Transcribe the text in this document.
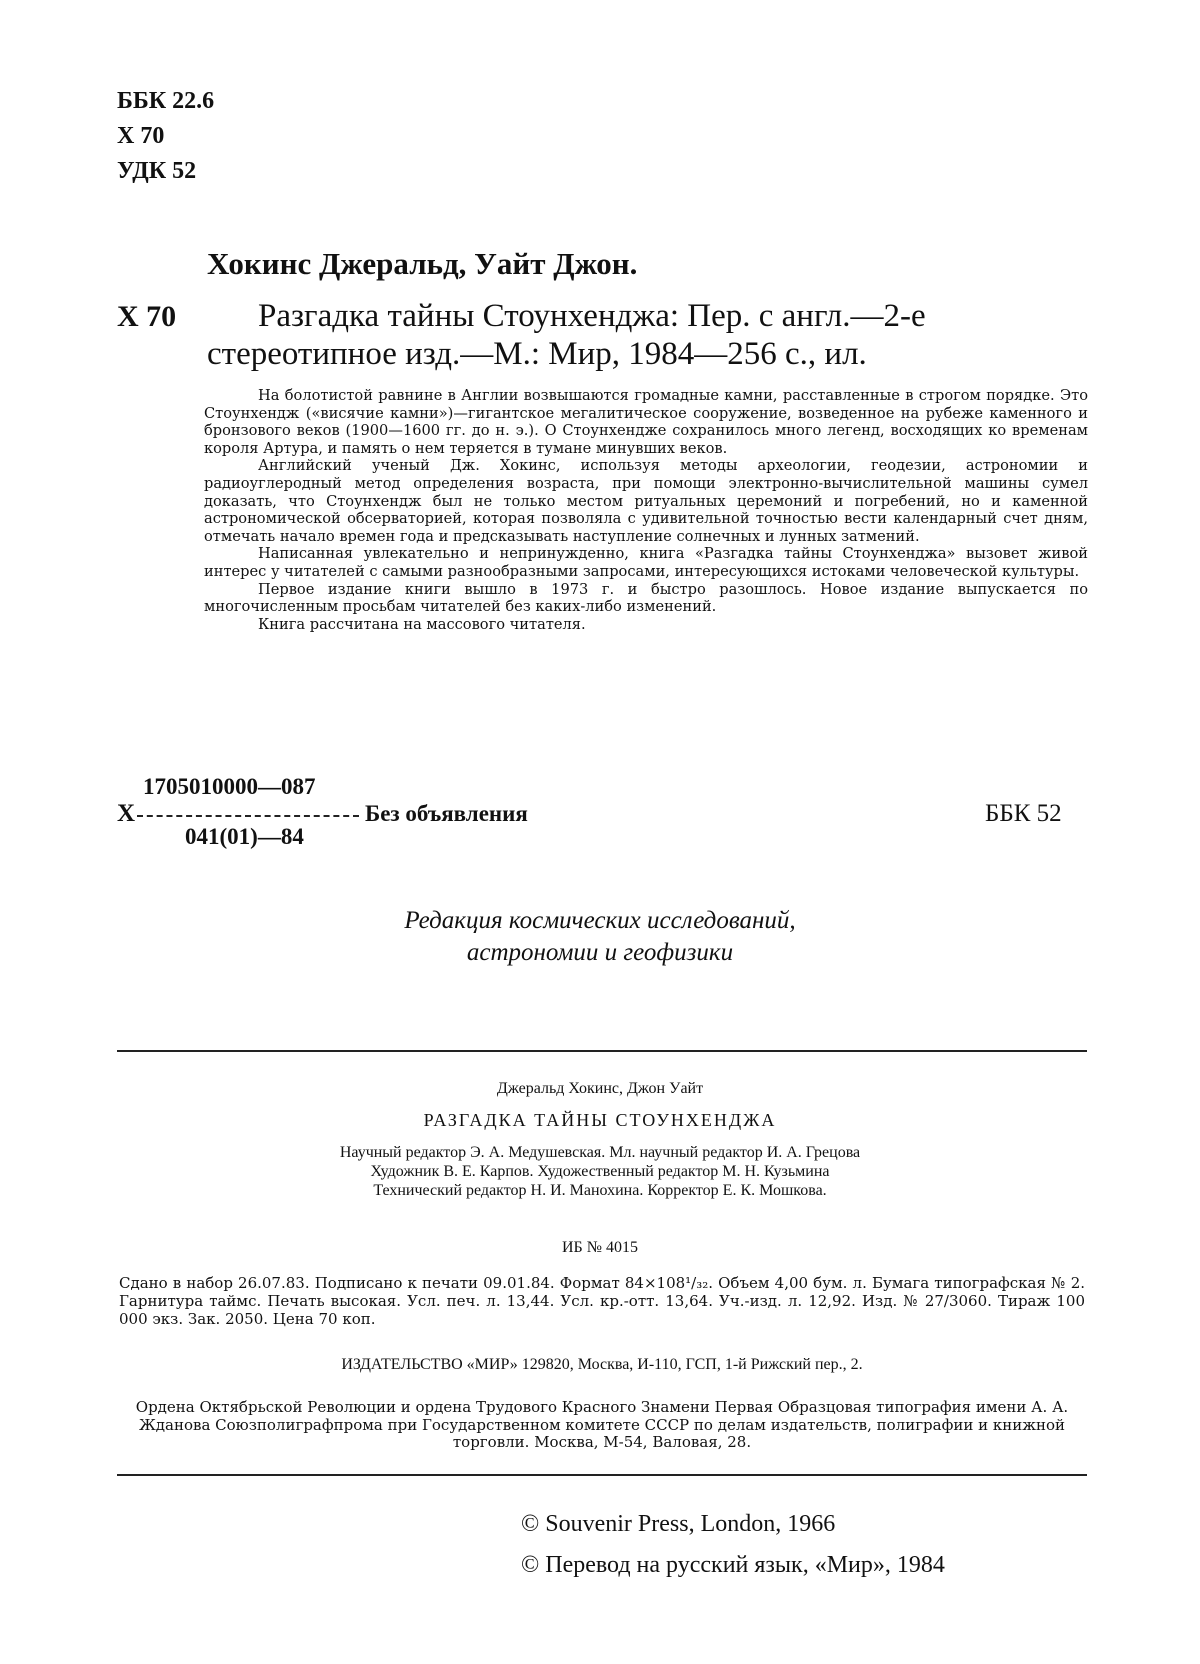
ББК 22.6
Х 70
УДК 52
Хокинс Джеральд, Уайт Джон.
Х 70 Разгадка тайны Стоунхенджа: Пер. с англ.—2-е
стереотипное изд.—М.: Мир, 1984—256 с., ил.

На болотистой равнине в Англии возвышаются громадные камни, расставленные в строгом порядке. Это Стоунхендж («висячие камни»)—гигантское мегалитическое сооружение, возведенное на рубеже каменного и бронзового веков (1900—1600 гг. до н. э.). О Стоунхендже сохранилось много легенд, восходящих ко временам короля Артура, и память о нем теряется в тумане минувших веков.

Английский ученый Дж. Хокинс, используя методы археологии, геодезии, астрономии и радиоуглеродный метод определения возраста, при помощи электронно-вычислительной машины сумел доказать, что Стоунхендж был не только местом ритуальных церемоний и погребений, но и каменной астрономической обсерваторией, которая позволяла с удивительной точностью вести календарный счет дням, отмечать начало времен года и предсказывать наступление солнечных и лунных затмений.

Написанная увлекательно и непринужденно, книга «Разгадка тайны Стоунхенджа» вызовет живой интерес у читателей с самыми разнообразными запросами, интересующихся истоками человеческой культуры.

Первое издание книги вышло в 1973 г. и быстро разошлось. Новое издание выпускается по многочисленным просьбам читателей без каких-либо изменений.

Книга рассчитана на массового читателя.

Х
1705010000—087
041(01)—84
Без объявления	ББК 52
Редакция космических исследований,
астрономии и геофизики
Джеральд Хокинс, Джон Уайт
РАЗГАДКА ТАЙНЫ СТОУНХЕНДЖА
Научный редактор Э. А. Медушевская. Мл. научный редактор И. А. Грецова
Художник В. Е. Карпов. Художественный редактор М. Н. Кузьмина
Технический редактор Н. И. Манохина. Корректор Е. К. Мошкова.
ИБ № 4015
Сдано в набор 26.07.83. Подписано к печати 09.01.84. Формат 84×108¹/₃₂. Объем 4,00 бум. л. Бумага типографская № 2. Гарнитура таймс. Печать высокая. Усл. печ. л. 13,44. Усл. кр.-отт. 13,64. Уч.-изд. л. 12,92. Изд. № 27/3060. Тираж 100 000 экз. Зак. 2050. Цена 70 коп.
ИЗДАТЕЛЬСТВО «МИР» 129820, Москва, И-110, ГСП, 1-й Рижский пер., 2.
Ордена Октябрьской Революции и ордена Трудового Красного Знамени Первая Образцовая типография имени А. А. Жданова Союзполиграфпрома при Государственном комитете СССР по делам издательств, полиграфии и книжной торговли. Москва, М-54, Валовая, 28.
© Souvenir Press, London, 1966
© Перевод на русский язык, «Мир», 1984
